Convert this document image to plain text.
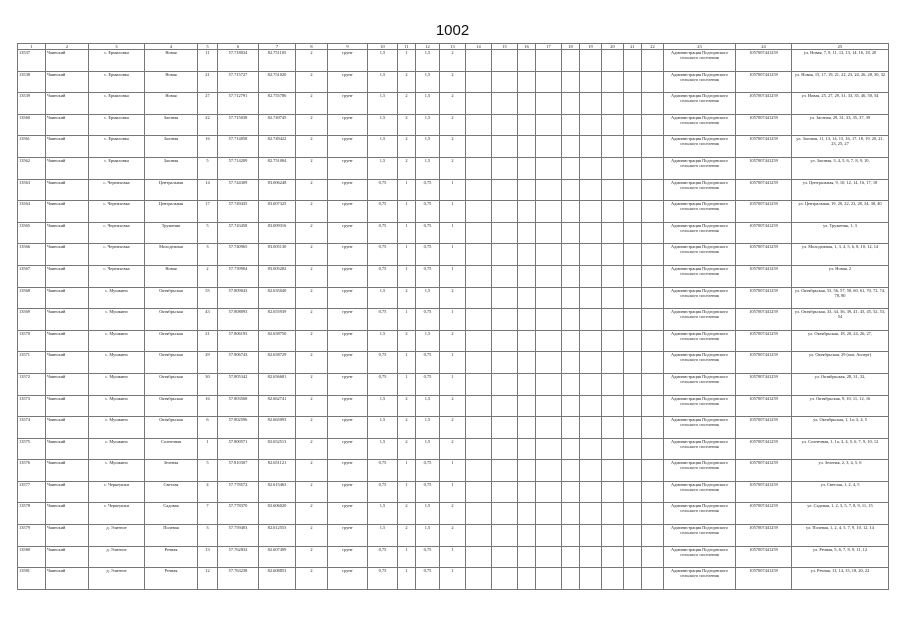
1002
1	2	3	4	5	6	7	8	9	10	11	12	13	14	15	16	17	18	19	20	21	22	23	24	25
13537	Чаинский	с. Ермиловка	Новая	11	57.718034	82.751105	2	грунт	1,5	1	1,5	2										Администрация Подгорнского сельского поселения	1057007441259	ул. Новая, 7, 9, 11, 12, 13, 14, 16, 18, 20
13538	Чаинский	с. Ермиловка	Новая	21	57.715727	82.751020	2	грунт	1,5	2	1,5	2										Администрация Подгорнского сельского поселения	1057007441259	ул. Новая, 15, 17, 19, 21, 22, 23, 24, 26, 28, 30, 32
13539	Чаинский	с. Ермиловка	Новая	27	57.712791	82.755786	2	грунт	1,5	2	1,5	2										Администрация Подгорнского сельского поселения	1057007441259	ул. Новая, 25, 27, 29, 31, 33, 35, 46, 50, 54
13560	Чаинский	с. Ермиловка	Заозная	22	57.715038	82.749745	2	грунт	1,5	2	1,5	2										Администрация Подгорнского сельского поселения	1057007441259	ул. Заозная, 29, 31, 33, 35, 37, 39
13561	Чаинский	с. Ермиловка	Заозная	16	57.714058	82.749422	2	грунт	1,5	2	1,5	2										Администрация Подгорнского сельского поселения	1057007441259	ул. Заозная, 11, 13, 14, 15, 16, 17, 18, 19, 20, 21, 23, 25, 27
13562	Чаинский	с. Ермиловка	Заозная	5	57.714209	82.751084	2	грунт	1,5	2	1,5	2										Администрация Подгорнского сельского поселения	1057007441259	ул. Заозная, 3, 4, 5, 6, 7, 8, 9, 10,
13563	Чаинский	с. Черемховка	Центральная	14	57.744309	83.006248	2	грунт	0,75	1	0,75	1										Администрация Подгорнского сельского поселения	1057007441259	ул. Центральная, 9, 10, 12, 14, 16, 17, 18
13564	Чаинский	с. Черемховка	Центральная	17	57.749435	83.007325	2	грунт	0,75	1	0,75	1										Администрация Подгорнского сельского поселения	1057007441259	ул. Центральная, 19, 20, 22, 23, 28, 34, 38, 40
13565	Чаинский	с. Черемховка	Труженик	5	57.743458	83.009316	2	грунт	0,75	1	0,75	1										Администрация Подгорнского сельского поселения	1057007441259	ул. Труженик, 1, 3
13566	Чаинский	с. Черемховка	Молодежная	3	57.740965	83.005130	2	грунт	0,75	1	0,75	1										Администрация Подгорнского сельского поселения	1057007441259	ул. Молодежная, 1, 3, 4, 5, 6, 8, 10, 12, 14
13567	Чаинский	с. Черемховка	Новая	2	57.739904	83.005282	2	грунт	0,75	1	0,75	1										Администрация Подгорнского сельского поселения	1057007441259	ул. Новая, 2
13568	Чаинский	с. Мушкино	Октябрьская	55	57.809043	82.635040	2	грунт	1,5	2	1,5	2										Администрация Подгорнского сельского поселения	1057007441259	ул. Октябрьская, 53, 56, 57, 58, 60, 61, 70, 72, 74, 78, 80
13569	Чаинский	с. Мушкино	Октябрьская	43	57.808093	82.655939	2	грунт	0,75	1	0,75	1										Администрация Подгорнского сельского поселения	1057007441259	ул. Октябрьская, 33, 34, 36, 39, 41, 43, 45, 52, 53, 54
13570	Чаинский	с. Мушкино	Октябрьская	21	57.806193	82.658750	2	грунт	1,5	2	1,5	2										Администрация Подгорнского сельского поселения	1057007441259	ул. Октябрьская, 18, 20, 24, 26, 27,
13571	Чаинский	с. Мушкино	Октябрьская	29	57.806743	82.658729	2	грунт	0,75	1	0,75	1										Администрация Подгорнского сельского поселения	1057007441259	ул. Октябрьская, 29 (маг. Асперт)
13572	Чаинский	с. Мушкино	Октябрьская	30	57.805342	82.656681	2	грунт	0,75	1	0,75	1										Администрация Подгорнского сельского поселения	1057007441259	ул. Октябрьская, 28, 31, 32,
13573	Чаинский	с. Мушкино	Октябрьская	16	57.803568	82.662741	2	грунт	1,5	2	1,5	2										Администрация Подгорнского сельского поселения	1057007441259	ул. Октябрьская, 9, 10, 11, 12, 16
13574	Чаинский	с. Мушкино	Октябрьская	6	57.802596	82.665093	2	грунт	1,5	2	1,5	2										Администрация Подгорнского сельского поселения	1057007441259	ул. Октябрьская, 1, 1а, 3, 4, 5
13575	Чаинский	с. Мушкино	Солнечная	1	57.800571	82.652513	2	грунт	1,5	2	1,5	2										Администрация Подгорнского сельского поселения	1057007441259	ул. Солнечная, 1, 1а, 3, 4, 5, 6, 7, 9, 10, 12
13576	Чаинский	с. Мушкино	Зеленая	5	57.810307	82.651121	2	грунт	0,75	1	0,75	1										Администрация Подгорнского сельского поселения	1057007441259	ул. Зеленая, 2, 3, 4, 5, 6
13577	Чаинский	с. Черкеушки	Светлая	4	57.778572	82.615463	2	грунт	0,75	1	0,75	1										Администрация Подгорнского сельского поселения	1057007441259	ул. Светлая, 1, 2, 4, 5
13578	Чаинский	с. Черкеушки	Садовая	7	57.778370	82.606020	2	грунт	1,5	2	1,5	2										Администрация Подгорнского сельского поселения	1057007441259	ул. Садовая, 1, 2, 3, 5, 7, 8, 9, 11, 15
13579	Чаинский	д. Элитное	Полевая	3	57.759403	82.612553	2	грунт	1,5	2	1,5	2										Администрация Подгорнского сельского поселения	1057007441259	ул. Полевая, 1, 2, 4, 5, 7, 9, 10, 12, 14
13580	Чаинский	д. Элитное	Речная	13	57.762832	82.607499	2	грунт	0,75	1	0,75	1										Администрация Подгорнского сельского поселения	1057007441259	ул. Речная, 5, 6, 7, 8, 9, 11, 12
13581	Чаинский	д. Элитное	Речная	12	57.763238	82.608853	2	грунт	0,75	1	0,75	1										Администрация Подгорнского сельского поселения	1057007441259	ул. Речная, 13, 14, 15, 18, 20, 22
